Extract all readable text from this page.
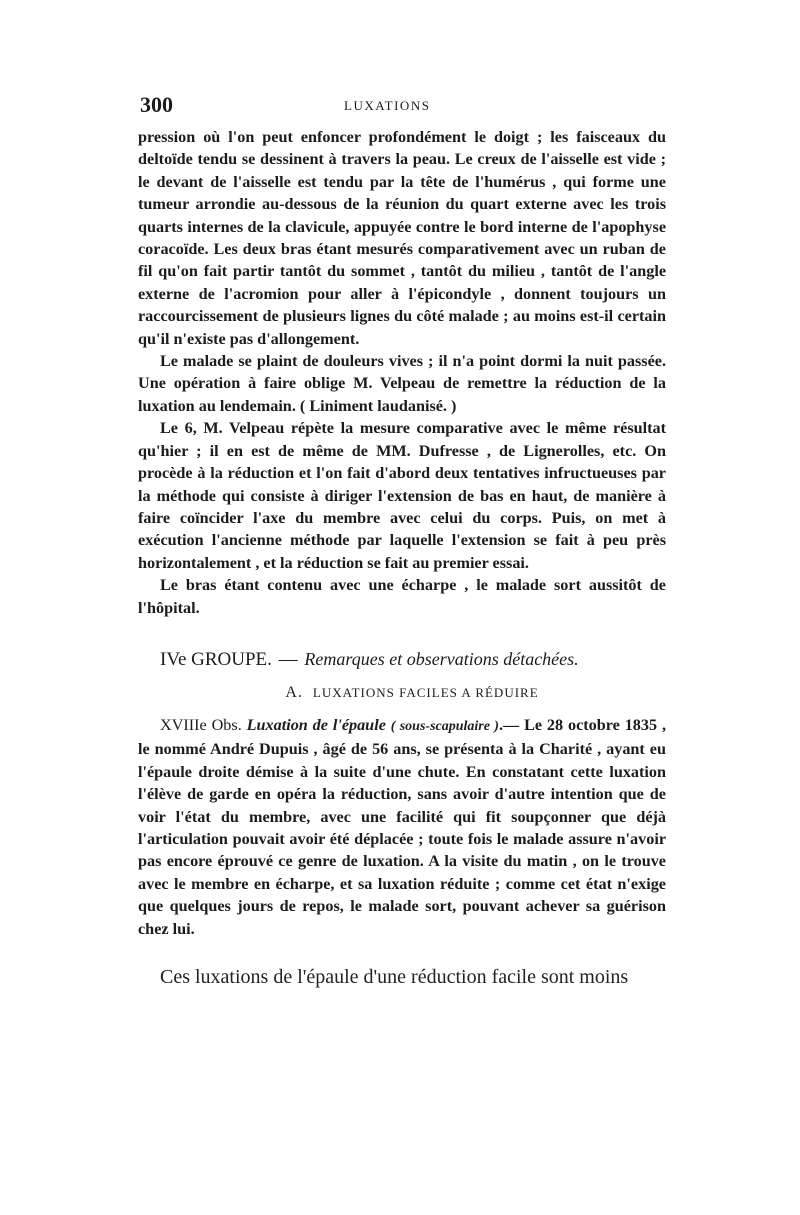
300	LUXATIONS

pression où l'on peut enfoncer profondément le doigt ; les faisceaux du deltoïde tendu se dessinent à travers la peau. Le creux de l'aisselle est vide ; le devant de l'aisselle est tendu par la tête de l'humérus , qui forme une tumeur arrondie au-dessous de la réunion du quart externe avec les trois quarts internes de la clavicule, appuyée contre le bord interne de l'apophyse coracoïde. Les deux bras étant mesurés comparativement avec un ruban de fil qu'on fait partir tantôt du sommet , tantôt du milieu , tantôt de l'angle externe de l'acromion pour aller à l'épicondyle , donnent toujours un raccourcissement de plusieurs lignes du côté malade ; au moins est-il certain qu'il n'existe pas d'allongement.

Le malade se plaint de douleurs vives ; il n'a point dormi la nuit passée. Une opération à faire oblige M. Velpeau de remettre la réduction de la luxation au lendemain. ( Liniment laudanisé. )

Le 6, M. Velpeau répète la mesure comparative avec le même résultat qu'hier ; il en est de même de MM. Dufresse , de Lignerolles, etc. On procède à la réduction et l'on fait d'abord deux tentatives infructueuses par la méthode qui consiste à diriger l'extension de bas en haut, de manière à faire coïncider l'axe du membre avec celui du corps. Puis, on met à exécution l'ancienne méthode par laquelle l'extension se fait à peu près horizontalement , et la réduction se fait au premier essai.

Le bras étant contenu avec une écharpe , le malade sort aussitôt de l'hôpital.

IVe GROUPE. — Remarques et observations détachées.
A. LUXATIONS FACILES A RÉDUIRE

XVIIIe Obs. Luxation de l'épaule ( sous-scapulaire ).— Le 28 octobre 1835 , le nommé André Dupuis , âgé de 56 ans, se présenta à la Charité , ayant eu l'épaule droite démise à la suite d'une chute. En constatant cette luxation l'élève de garde en opéra la réduction, sans avoir d'autre intention que de voir l'état du membre, avec une facilité qui fit soupçonner que déjà l'articulation pouvait avoir été déplacée ; toute fois le malade assure n'avoir pas encore éprouvé ce genre de luxation. A la visite du matin , on le trouve avec le membre en écharpe, et sa luxation réduite ; comme cet état n'exige que quelques jours de repos, le malade sort, pouvant achever sa guérison chez lui.

Ces luxations de l'épaule d'une réduction facile sont moins
